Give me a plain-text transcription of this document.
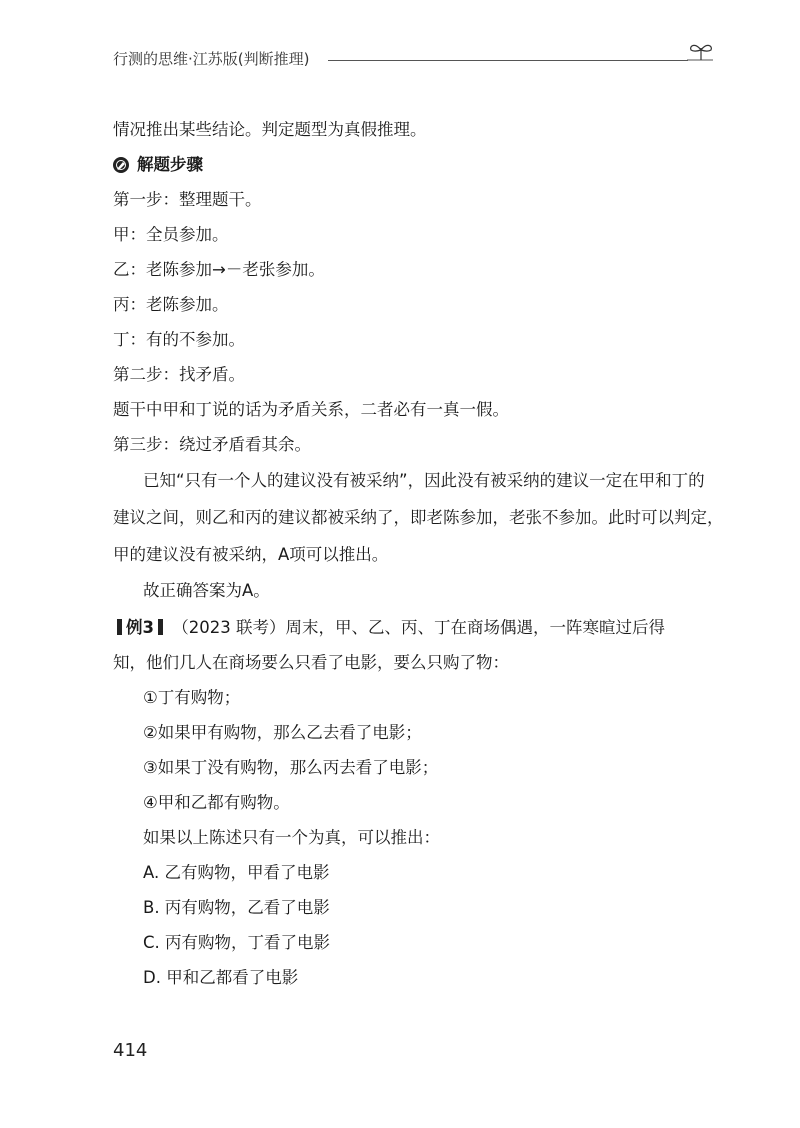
行测的思维·江苏版(判断推理)
情况推出某些结论。判定题型为真假推理。
解题步骤
第一步：整理题干。
甲：全员参加。
乙：老陈参加→－老张参加。
丙：老陈参加。
丁：有的不参加。
第二步：找矛盾。
题干中甲和丁说的话为矛盾关系，二者必有一真一假。
第三步：绕过矛盾看其余。
已知“只有一个人的建议没有被采纳”，因此没有被采纳的建议一定在甲和丁的
建议之间，则乙和丙的建议都被采纳了，即老陈参加，老张不参加。此时可以判定，
甲的建议没有被采纳，A项可以推出。
故正确答案为A。
例3 （2023 联考）周末，甲、乙、丙、丁在商场偶遇，一阵寒暄过后得
知，他们几人在商场要么只看了电影，要么只购了物：
①丁有购物；
②如果甲有购物，那么乙去看了电影；
③如果丁没有购物，那么丙去看了电影；
④甲和乙都有购物。
如果以上陈述只有一个为真，可以推出：
A. 乙有购物，甲看了电影
B. 丙有购物，乙看了电影
C. 丙有购物，丁看了电影
D. 甲和乙都看了电影
414
